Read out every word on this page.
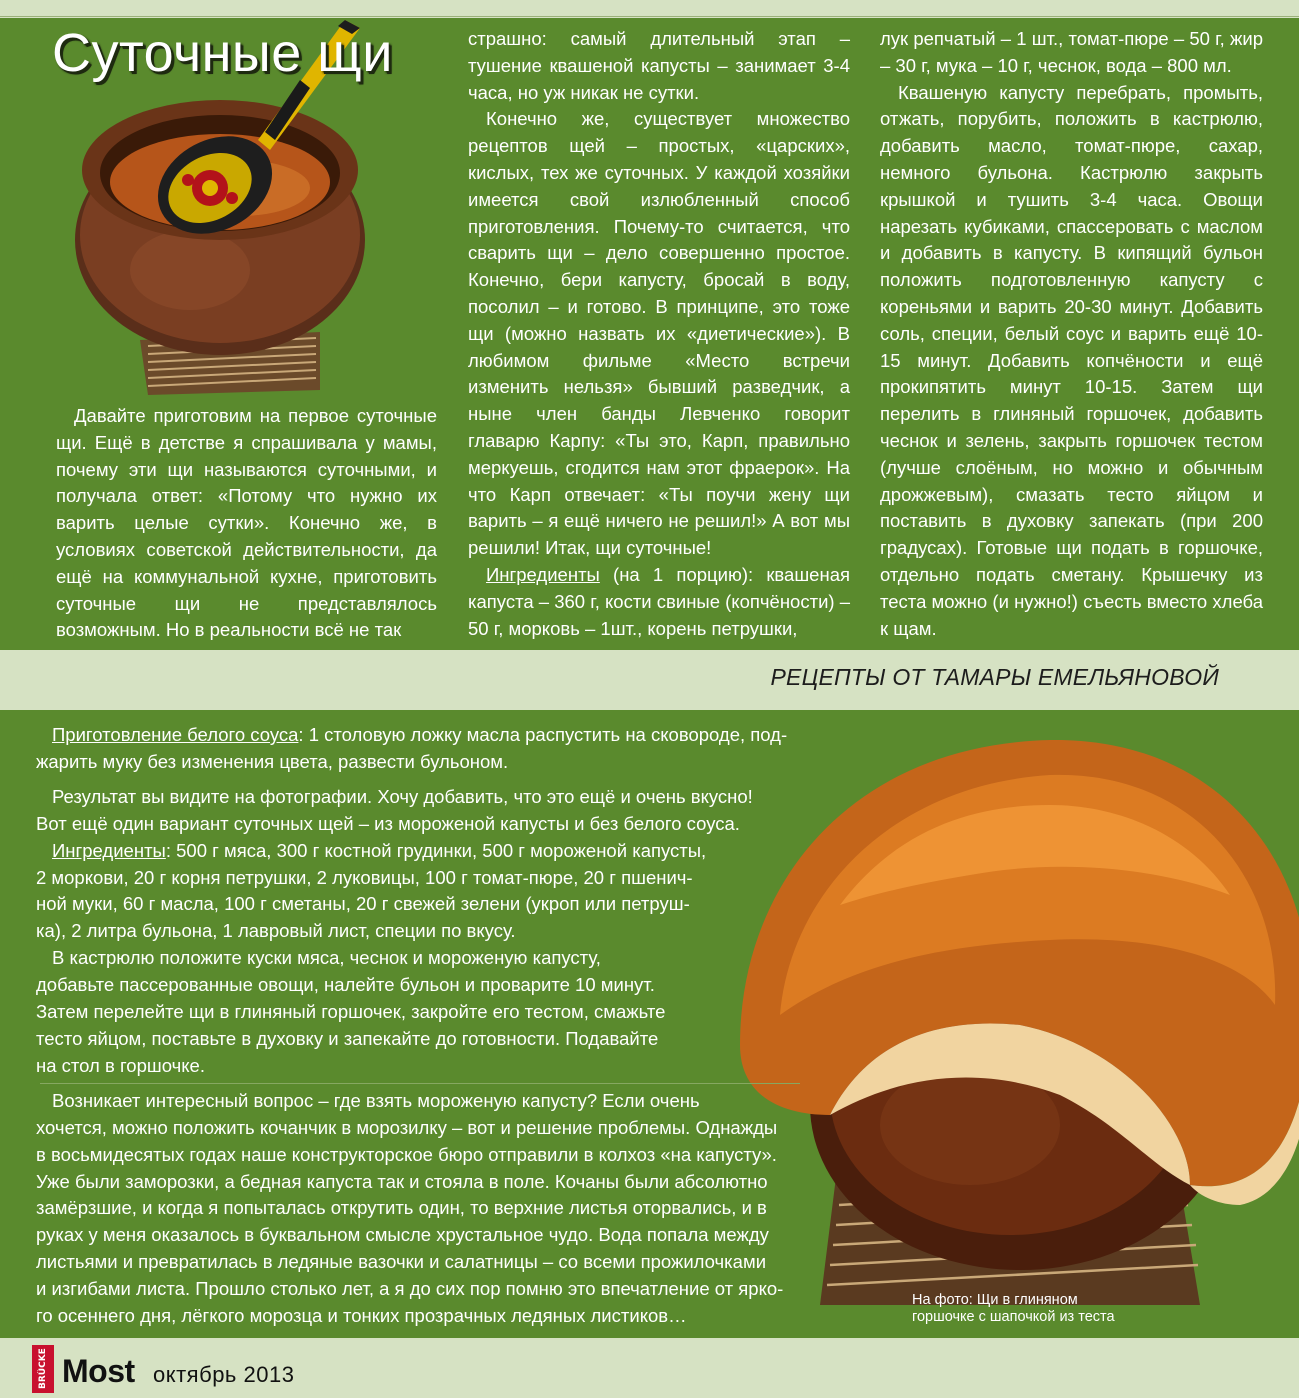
Суточные щи

Давайте приготовим на первое суточные щи. Ещё в детстве я спрашивала у мамы, почему эти щи называются суточными, и получала ответ: «Потому что нужно их варить целые сутки». Конечно же, в условиях советской действительности, да ещё на коммунальной кухне, приготовить суточные щи не представлялось возможным. Но в реальности всё не так

страшно: самый длительный этап – тушение квашеной капусты – занимает 3-4 часа, но уж никак не сутки.

Конечно же, существует множество рецептов щей – простых, «царских», кислых, тех же суточных. У каждой хозяйки имеется свой излюбленный способ приготовления. Почему-то считается, что сварить щи – дело совершенно простое. Конечно, бери капусту, бросай в воду, посолил – и готово. В принципе, это тоже щи (можно назвать их «диетические»). В любимом фильме «Место встречи изменить нельзя» бывший разведчик, а ныне член банды Левченко говорит главарю Карпу: «Ты это, Карп, правильно меркуешь, сгодится нам этот фраерок». На что Карп отвечает: «Ты поучи жену щи варить – я ещё ничего не решил!» А вот мы решили! Итак, щи суточные!

Ингредиенты (на 1 порцию): квашеная капуста – 360 г, кости свиные (копчёности) – 50 г, морковь – 1шт., корень петрушки,

лук репчатый – 1 шт., томат-пюре – 50 г, жир – 30 г, мука – 10 г, чеснок, вода – 800 мл.

Квашеную капусту перебрать, промыть, отжать, порубить, положить в кастрюлю, добавить масло, томат-пюре, сахар, немного бульона. Кастрюлю закрыть крышкой и тушить 3-4 часа. Овощи нарезать кубиками, спассеровать с маслом и добавить в капусту. В кипящий бульон положить подготовленную капусту с кореньями и варить 20-30 минут. Добавить соль, специи, белый соус и варить ещё 10-15 минут. Добавить копчёности и ещё прокипятить минут 10-15. Затем щи перелить в глиняный горшочек, добавить чеснок и зелень, закрыть горшочек тестом (лучше слоёным, но можно и обычным дрожжевым), смазать тесто яйцом и поставить в духовку запекать (при 200 градусах). Готовые щи подать в горшочке, отдельно подать сметану. Крышечку из теста можно (и нужно!) съесть вместо хлеба к щам.

РЕЦЕПТЫ ОТ ТАМАРЫ ЕМЕЛЬЯНОВОЙ
Приготовление белого соуса: 1 столовую ложку масла распустить на сковороде, под-
жарить муку без изменения цвета, развести бульоном.
Результат вы видите на фотографии. Хочу добавить, что это ещё и очень вкусно!
Вот ещё один вариант суточных щей – из мороженой капусты и без белого соуса.
Ингредиенты: 500 г мяса, 300 г костной грудинки, 500 г мороженой капусты,
2 моркови, 20 г корня петрушки, 2 луковицы, 100 г томат-пюре, 20 г пшенич-
ной муки, 60 г масла, 100 г сметаны, 20 г свежей зелени (укроп или петруш-
ка), 2 литра бульона, 1 лавровый лист, специи по вкусу.
В кастрюлю положите куски мяса, чеснок и мороженую капусту,
добавьте пассерованные овощи, налейте бульон и проварите 10 минут.
Затем перелейте щи в глиняный горшочек, закройте его тестом, смажьте
тесто яйцом, поставьте в духовку и запекайте до готовности. Подавайте
на стол в горшочке.
Возникает интересный вопрос – где взять мороженую капусту? Если очень
хочется, можно положить кочанчик в морозилку – вот и решение проблемы. Однажды
в восьмидесятых годах наше конструкторское бюро отправили в колхоз «на капусту».
Уже были заморозки, а бедная капуста так и стояла в поле. Кочаны были абсолютно
замёрзшие, и когда я попыталась открутить один, то верхние листья оторвались, и в
руках у меня оказалось в буквальном смысле хрустальное чудо. Вода попала между
листьями и превратилась в ледяные вазочки и салатницы – со всеми прожилочками
и изгибами листа. Прошло столько лет, а я до сих пор помню это впечатление от ярко-
го осеннего дня, лёгкого морозца и тонких прозрачных ледяных листиков…
На фото: Щи в глиняном
горшочке с шапочкой из теста
BRÜCKE Most октябрь 2013
